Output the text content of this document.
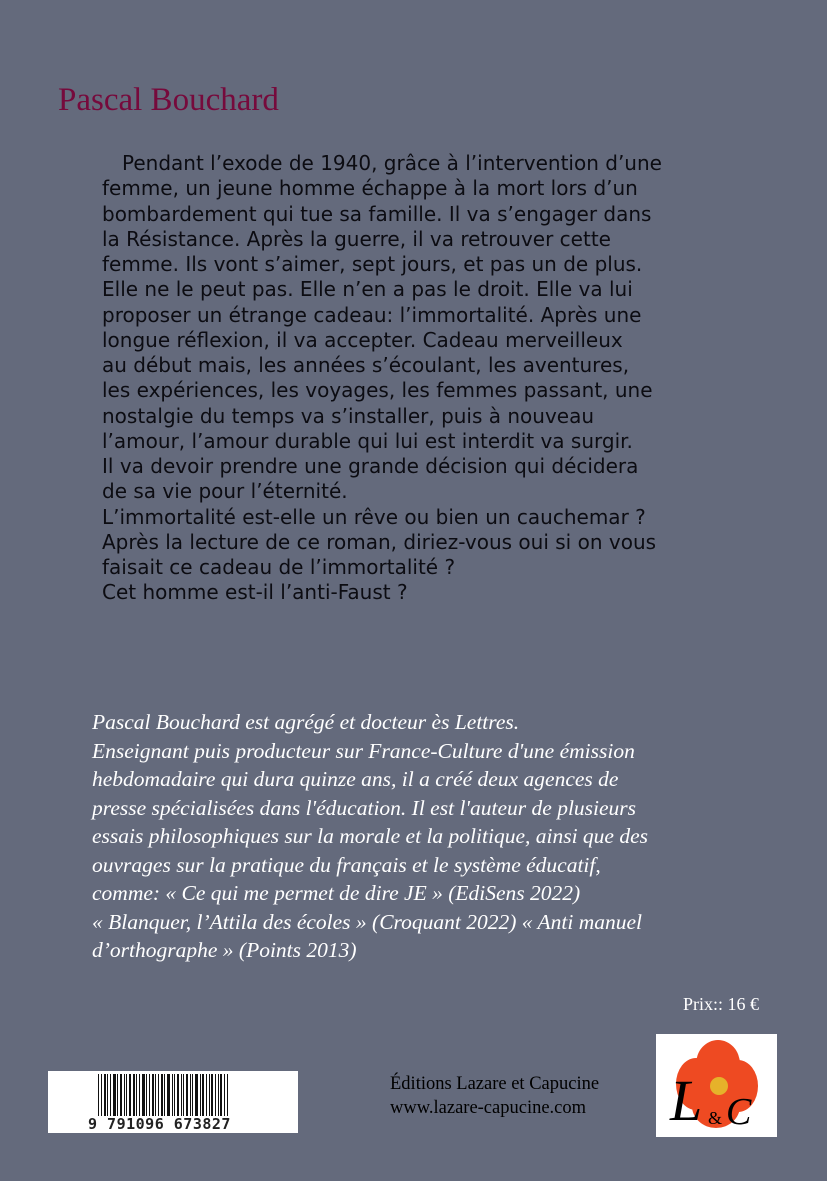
Pascal Bouchard
Pendant l’exode de 1940, grâce à l’intervention d’une
femme, un jeune homme échappe à la mort lors d’un
bombardement qui tue sa famille. Il va s’engager dans
la Résistance. Après la guerre, il va retrouver cette
femme. Ils vont s’aimer, sept jours, et pas un de plus.
Elle ne le peut pas. Elle n’en a pas le droit. Elle va lui
proposer un étrange cadeau: l’immortalité. Après une
longue réflexion, il va accepter. Cadeau merveilleux
au début mais, les années s’écoulant, les aventures,
les expériences, les voyages, les femmes passant, une
nostalgie du temps va s’installer, puis à nouveau
l’amour, l’amour durable qui lui est interdit va surgir.
Il va devoir prendre une grande décision qui décidera
de sa vie pour l’éternité.
L’immortalité est-elle un rêve ou bien un cauchemar ?
Après la lecture de ce roman, diriez-vous oui si on vous
faisait ce cadeau de l’immortalité ?
Cet homme est-il l’anti-Faust ?
Pascal Bouchard est agrégé et docteur ès Lettres.
Enseignant puis producteur sur France-Culture d'une émission
hebdomadaire qui dura quinze ans, il a créé deux agences de
presse spécialisées dans l'éducation. Il est l'auteur de plusieurs
essais philosophiques sur la morale et la politique, ainsi que des
ouvrages sur la pratique du français et le système éducatif,
comme: « Ce qui me permet de dire JE » (EdiSens 2022)
« Blanquer, l’Attila des écoles » (Croquant 2022) « Anti manuel
d’orthographe » (Points 2013)
Prix:: 16 €
9 791096 673827
Éditions Lazare et Capucine
www.lazare-capucine.com L & C
